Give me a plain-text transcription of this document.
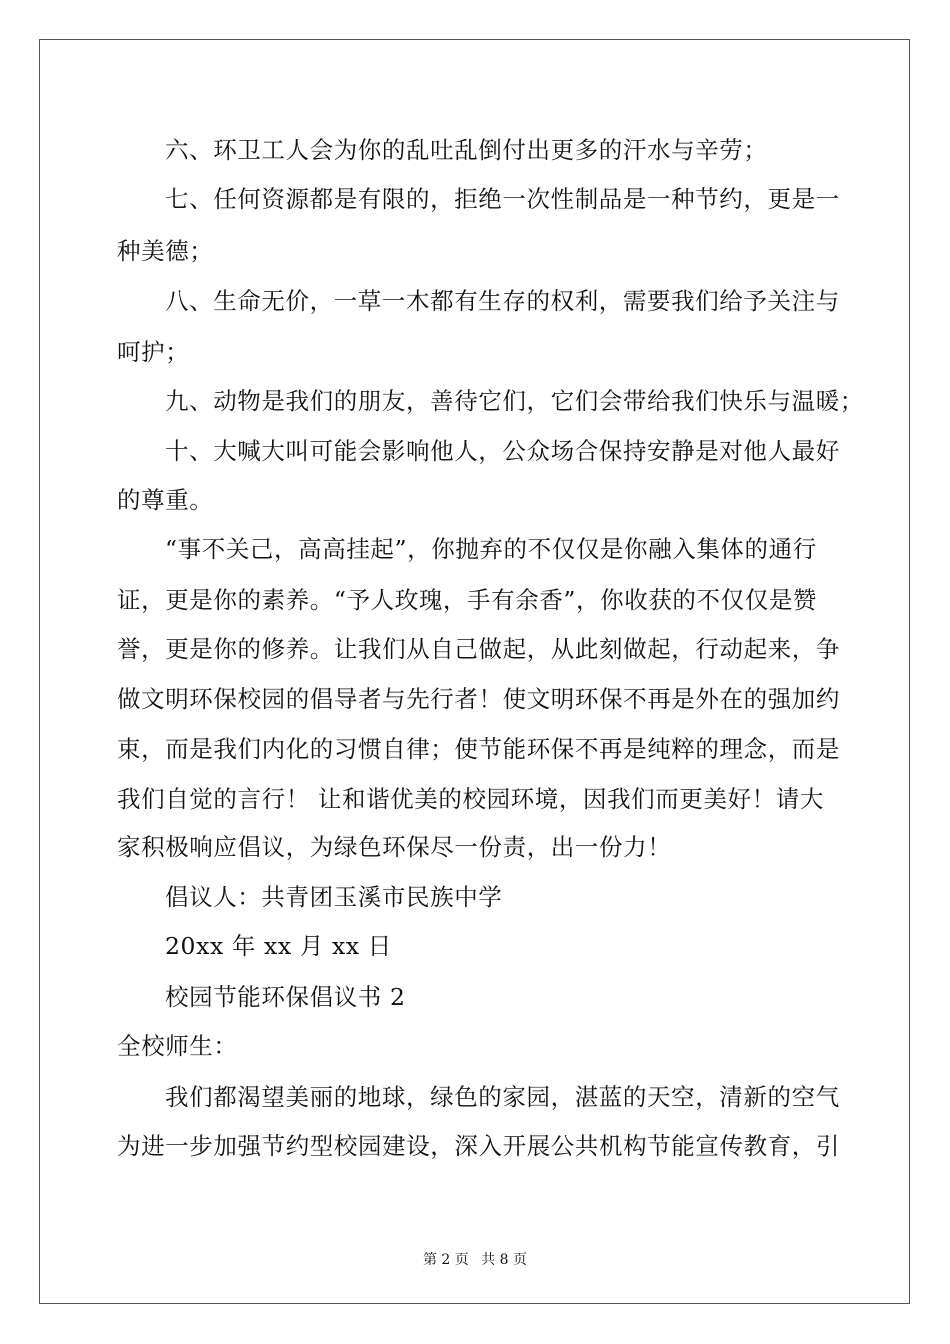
六、环卫工人会为你的乱吐乱倒付出更多的汗水与辛劳；
七、任何资源都是有限的，拒绝一次性制品是一种节约，更是一
种美德；
八、生命无价，一草一木都有生存的权利，需要我们给予关注与
呵护；
九、动物是我们的朋友，善待它们，它们会带给我们快乐与温暖；
十、大喊大叫可能会影响他人，公众场合保持安静是对他人最好
的尊重。
“事不关己，高高挂起”，你抛弃的不仅仅是你融入集体的通行
证，更是你的素养。“予人玫瑰，手有余香”，你收获的不仅仅是赞
誉，更是你的修养。让我们从自己做起，从此刻做起，行动起来，争
做文明环保校园的倡导者与先行者！使文明环保不再是外在的强加约
束，而是我们内化的习惯自律；使节能环保不再是纯粹的理念，而是
我们自觉的言行！ 让和谐优美的校园环境，因我们而更美好！请大
家积极响应倡议，为绿色环保尽一份责，出一份力！
倡议人：共青团玉溪市民族中学
20xx 年 xx 月 xx 日
校园节能环保倡议书 2
全校师生：
我们都渴望美丽的地球，绿色的家园，湛蓝的天空，清新的空气
为进一步加强节约型校园建设，深入开展公共机构节能宣传教育，引
第 2 页 共 8 页
